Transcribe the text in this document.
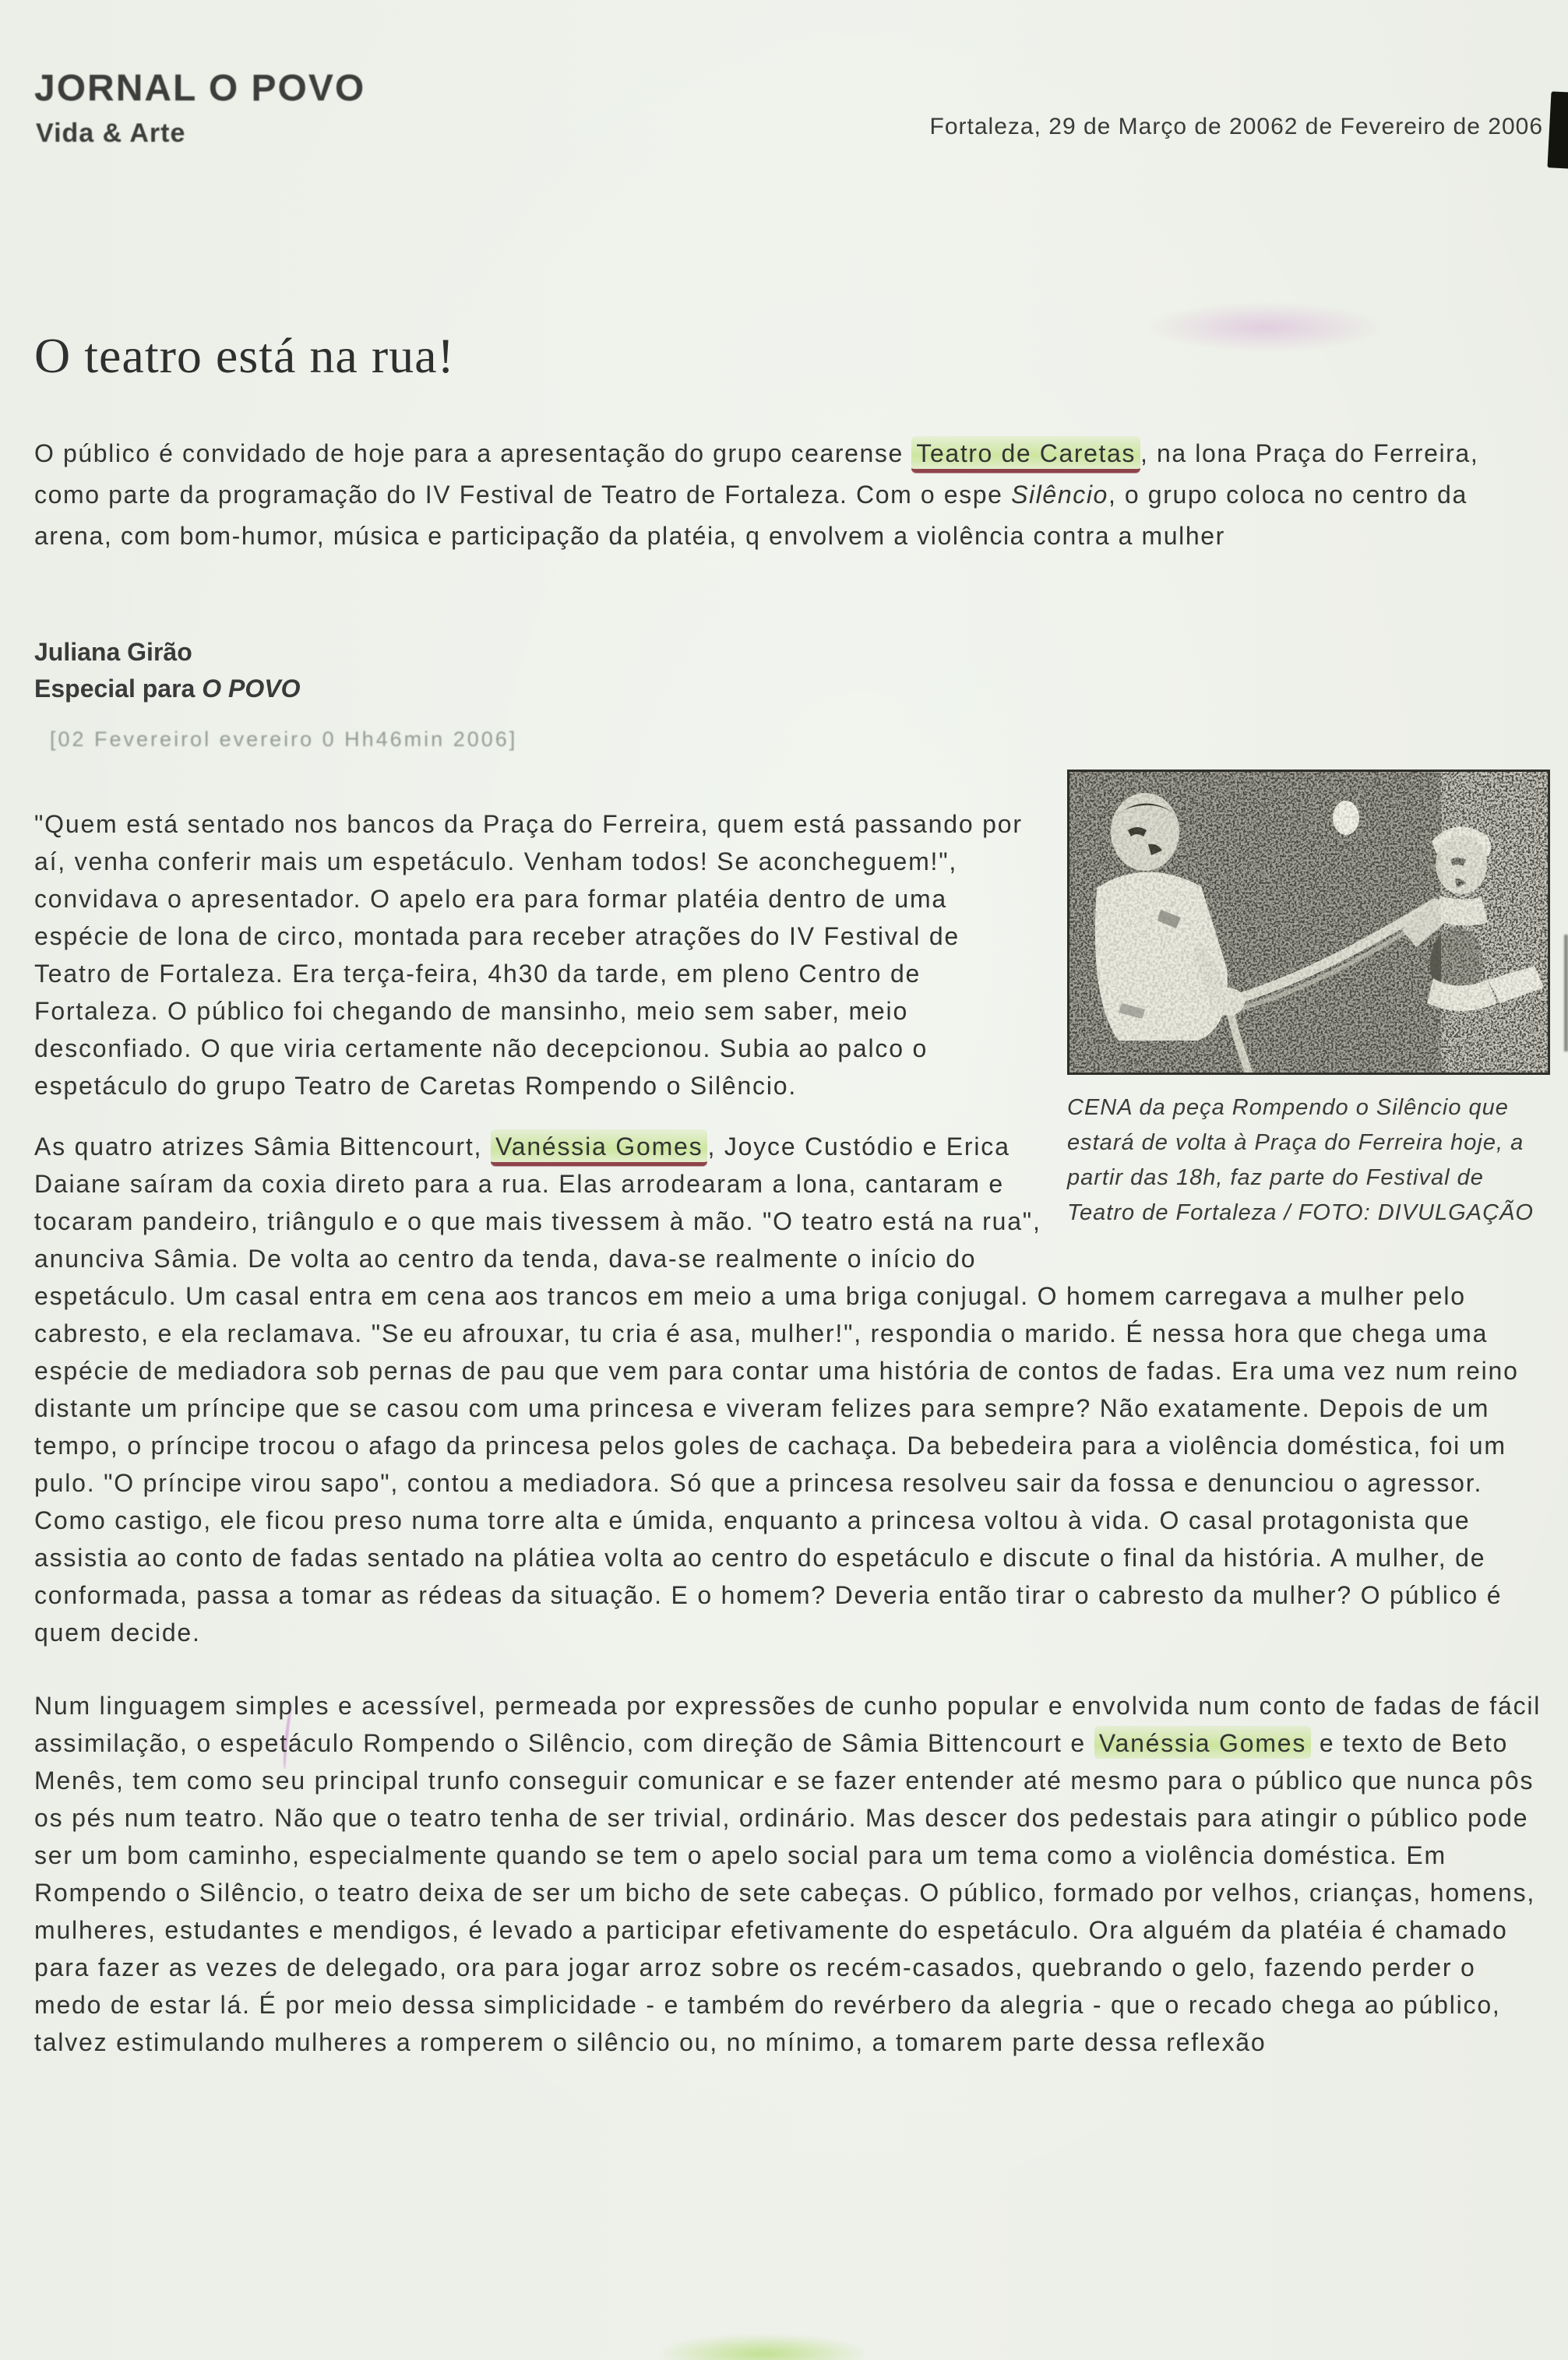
JORNAL O POVO
Vida & Arte	Fortaleza, 29 de Março de 20062 de Fevereiro de 2006
O teatro está na rua!
O público é convidado de hoje para a apresentação do grupo cearense Teatro de Caretas , na lona Praça do Ferreira, como parte da programação do IV Festival de Teatro de Fortaleza. Com o espe Silêncio, o grupo coloca no centro da arena, com bom-humor, música e participação da platéia, q envolvem a violência contra a mulher
Juliana Girão
Especial para O POVO
[02 Fevereirol evereiro 0 Hh46min 2006]
CENA da peça Rompendo o Silêncio que estará de volta à Praça do Ferreira hoje, a partir das 18h, faz parte do Festival de Teatro de Fortaleza / FOTO: DIVULGAÇÃO

"Quem está sentado nos bancos da Praça do Ferreira, quem está passando por aí, venha conferir mais um espetáculo. Venham todos! Se aconcheguem!", convidava o apresentador. O apelo era para formar platéia dentro de uma espécie de lona de circo, montada para receber atrações do IV Festival de Teatro de Fortaleza. Era terça-feira, 4h30 da tarde, em pleno Centro de Fortaleza. O público foi chegando de mansinho, meio sem saber, meio desconfiado. O que viria certamente não decepcionou. Subia ao palco o espetáculo do grupo Teatro de Caretas Rompendo o Silêncio.

As quatro atrizes Sâmia Bittencourt, Vanéssia Gomes , Joyce Custódio e Erica Daiane saíram da coxia direto para a rua. Elas arrodearam a lona, cantaram e tocaram pandeiro, triângulo e o que mais tivessem à mão. "O teatro está na rua", anunciva Sâmia. De volta ao centro da tenda, dava-se realmente o início do espetáculo. Um casal entra em cena aos trancos em meio a uma briga conjugal. O homem carregava a mulher pelo cabresto, e ela reclamava. "Se eu afrouxar, tu cria é asa, mulher!", respondia o marido. É nessa hora que chega uma espécie de mediadora sob pernas de pau que vem para contar uma história de contos de fadas. Era uma vez num reino distante um príncipe que se casou com uma princesa e viveram felizes para sempre? Não exatamente. Depois de um tempo, o príncipe trocou o afago da princesa pelos goles de cachaça. Da bebedeira para a violência doméstica, foi um pulo. "O príncipe virou sapo", contou a mediadora. Só que a princesa resolveu sair da fossa e denunciou o agressor. Como castigo, ele ficou preso numa torre alta e úmida, enquanto a princesa voltou à vida. O casal protagonista que assistia ao conto de fadas sentado na plátiea volta ao centro do espetáculo e discute o final da história. A mulher, de conformada, passa a tomar as rédeas da situação. E o homem? Deveria então tirar o cabresto da mulher? O público é quem decide.

Num linguagem simples e acessível, permeada por expressões de cunho popular e envolvida num conto de fadas de fácil assimilação, o espetáculo Rompendo o Silêncio, com direção de Sâmia Bittencourt e Vanéssia Gomes e texto de Beto Menês, tem como seu principal trunfo conseguir comunicar e se fazer entender até mesmo para o público que nunca pôs os pés num teatro. Não que o teatro tenha de ser trivial, ordinário. Mas descer dos pedestais para atingir o público pode ser um bom caminho, especialmente quando se tem o apelo social para um tema como a violência doméstica. Em Rompendo o Silêncio, o teatro deixa de ser um bicho de sete cabeças. O público, formado por velhos, crianças, homens, mulheres, estudantes e mendigos, é levado a participar efetivamente do espetáculo. Ora alguém da platéia é chamado para fazer as vezes de delegado, ora para jogar arroz sobre os recém-casados, quebrando o gelo, fazendo perder o medo de estar lá. É por meio dessa simplicidade - e também do revérbero da alegria - que o recado chega ao público, talvez estimulando mulheres a romperem o silêncio ou, no mínimo, a tomarem parte dessa reflexão
